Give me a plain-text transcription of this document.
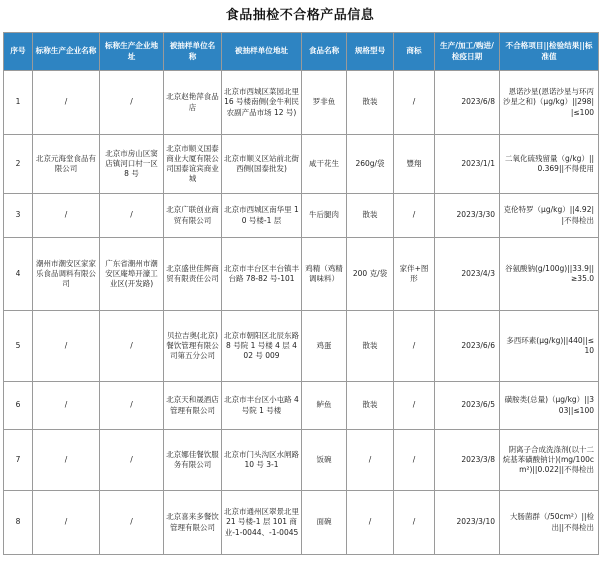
食品抽检不合格产品信息
序号	标称生产企业名称	标称生产企业地址	被抽样单位名称	被抽样单位地址	食品名称	规格型号	商标	生产/加工/购进/检疫日期	不合格项目||检验结果||标准值
1	/	/	北京赵艳萍食品店	北京市西城区菜园北里 16 号楼南侧(金牛利民农副产品市场 12 号)	罗非鱼	散装	/	2023/6/8	恩诺沙星(恩诺沙星与环丙沙星之和)（μg/kg）||298||≤100
2	北京元海堂食品有限公司	北京市房山区窦店镇河口村一区 8 号	北京市顺义国泰商业大厦有限公司国泰谊宾商业城	北京市顺义区站前北街西侧(国泰批发)	咸干花生	260g/袋	豐翔	2023/1/1	二氧化硫残留量（g/kg）||0.369||不得使用
3	/	/	北京广联创业商贸有限公司	北京市西城区南华里 10 号楼-1 层	牛后腿肉	散装	/	2023/3/30	克伦特罗（μg/kg）||4.92||不得检出
4	潮州市潮安区家家乐食品调料有限公司	广东省潮州市潮安区庵埠开濠工业区(开发路)	北京盛世佳辉商贸有限责任公司	北京市丰台区丰台镇丰台路 78-82 号-101	鸡精（鸡精调味料）	200 克/袋	家伴+图形	2023/4/3	谷氨酸钠(g/100g)||33.9||≥35.0
5	/	/	贝拉吉奥(北京)餐饮管理有限公司第五分公司	北京市朝阳区北辰东路 8 号院 1 号楼 4 层 402 号 009	鸡蛋	散装	/	2023/6/6	多西环素(μg/kg)||440||≤10
6	/	/	北京天和晟酒店管理有限公司	北京市丰台区小屯路 4 号院 1 号楼	鲈鱼	散装	/	2023/6/5	磺胺类(总量)（μg/kg）||303||≤100
7	/	/	北京娜佳餐饮服务有限公司	北京市门头沟区水闸路 10 号 3-1	饭碗	/	/	2023/3/8	阴离子合成洗涤剂(以十二烷基苯磺酸钠计)(mg/100cm²)||0.022||不得检出
8	/	/	北京喜来多餐饮管理有限公司	北京市通州区翠景北里 21 号楼-1 层 101 商业-1-0044、-1-0045	面碗	/	/	2023/3/10	大肠菌群（/50cm²）||检出||不得检出
